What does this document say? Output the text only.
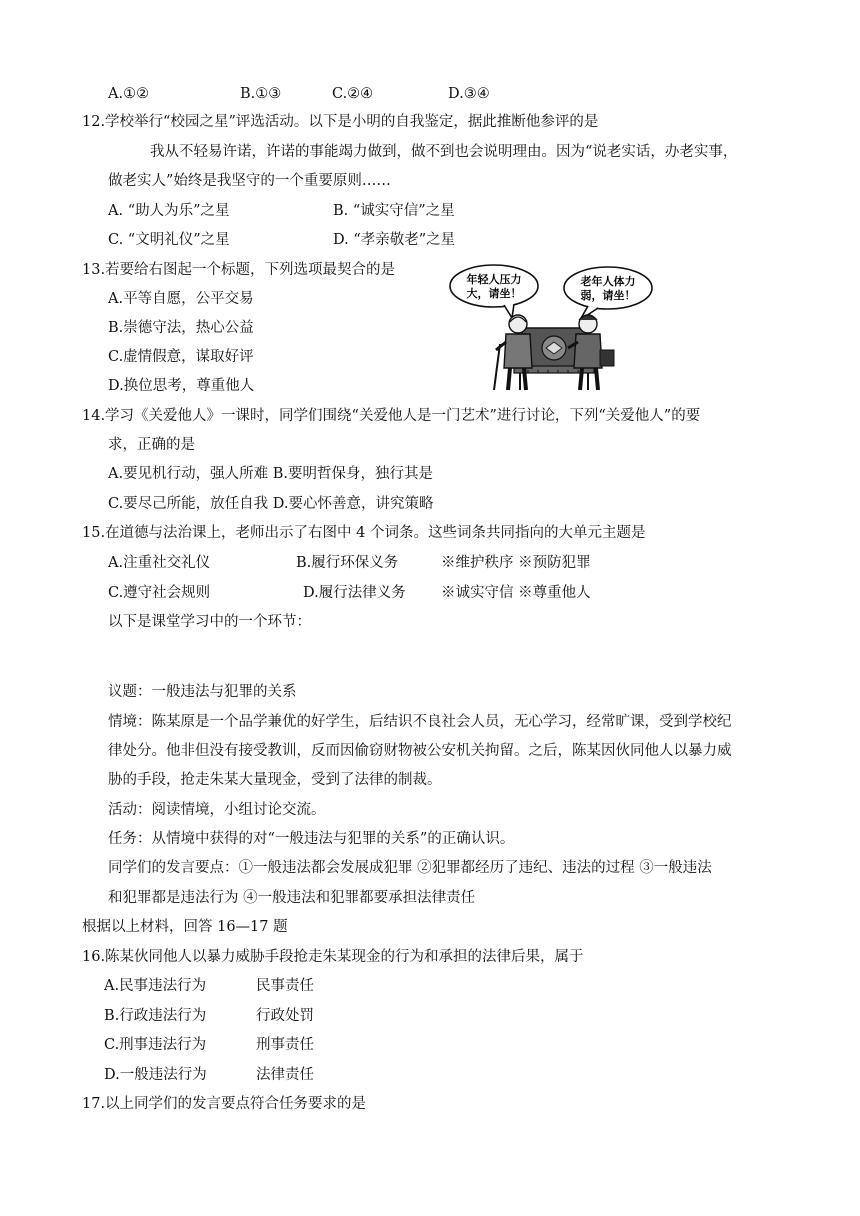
A.①②	B.①③	C.②④	D.③④
12.学校举行“校园之星”评选活动。以下是小明的自我鉴定，据此推断他参评的是
我从不轻易许诺，许诺的事能竭力做到，做不到也会说明理由。因为“说老实话，办老实事，
做老实人”始终是我坚守的一个重要原则……
A. “助人为乐”之星	B. “诚实守信”之星
C. “文明礼仪”之星	D. “孝亲敬老”之星
13.若要给右图起一个标题，下列选项最契合的是
A.平等自愿，公平交易
B.崇德守法，热心公益
C.虚情假意，谋取好评
D.换位思考，尊重他人
年轻人压力
大，请坐！
老年人体力
弱，请坐！
14.学习《关爱他人》一课时，同学们围绕“关爱他人是一门艺术”进行讨论，下列“关爱他人”的要
求，正确的是
A.要见机行动，强人所难 B.要明哲保身，独行其是
C.要尽己所能，放任自我 D.要心怀善意，讲究策略
15.在道德与法治课上，老师出示了右图中 4 个词条。这些词条共同指向的大单元主题是
A.注重社交礼仪	B.履行环保义务	※维护秩序 ※预防犯罪
C.遵守社会规则	D.履行法律义务 ※诚实守信 ※尊重他人
以下是课堂学习中的一个环节：
议题：一般违法与犯罪的关系
情境：陈某原是一个品学兼优的好学生，后结识不良社会人员，无心学习，经常旷课，受到学校纪
律处分。他非但没有接受教训，反而因偷窃财物被公安机关拘留。之后，陈某因伙同他人以暴力威
胁的手段，抢走朱某大量现金，受到了法律的制裁。
活动：阅读情境，小组讨论交流。
任务：从情境中获得的对“一般违法与犯罪的关系”的正确认识。
同学们的发言要点：①一般违法都会发展成犯罪 ②犯罪都经历了违纪、违法的过程 ③一般违法
和犯罪都是违法行为 ④一般违法和犯罪都要承担法律责任
根据以上材料，回答 16—17 题
16.陈某伙同他人以暴力威胁手段抢走朱某现金的行为和承担的法律后果，属于
A.民事违法行为	民事责任
B.行政违法行为	行政处罚
C.刑事违法行为	刑事责任
D.一般违法行为	法律责任
17.以上同学们的发言要点符合任务要求的是
